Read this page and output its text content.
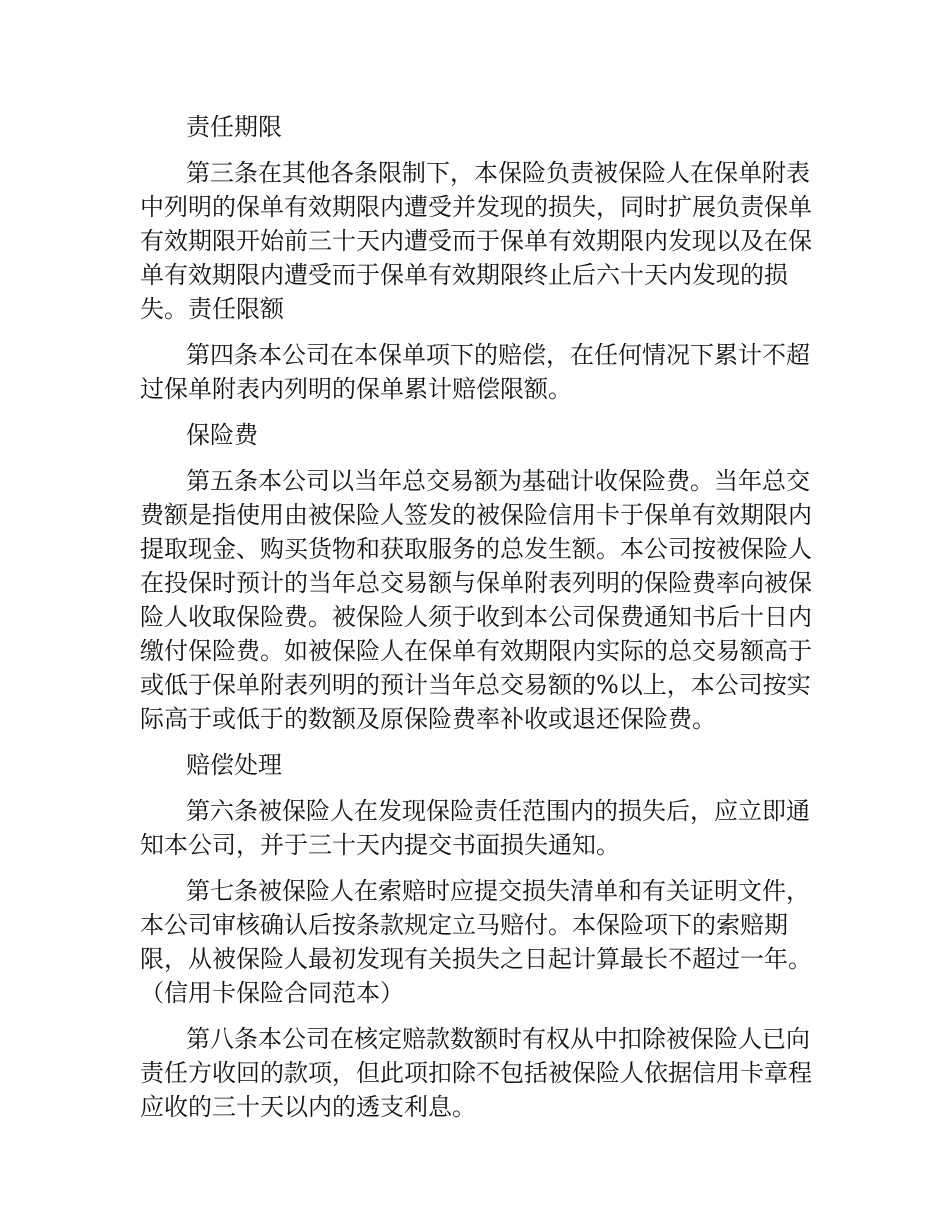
责任期限

第三条在其他各条限制下，本保险负责被保险人在保单附表中列明的保单有效期限内遭受并发现的损失，同时扩展负责保单有效期限开始前三十天内遭受而于保单有效期限内发现以及在保单有效期限内遭受而于保单有效期限终止后六十天内发现的损失。责任限额

第四条本公司在本保单项下的赔偿，在任何情况下累计不超过保单附表内列明的保单累计赔偿限额。

保险费

第五条本公司以当年总交易额为基础计收保险费。当年总交费额是指使用由被保险人签发的被保险信用卡于保单有效期限内提取现金、购买货物和获取服务的总发生额。本公司按被保险人在投保时预计的当年总交易额与保单附表列明的保险费率向被保险人收取保险费。被保险人须于收到本公司保费通知书后十日内缴付保险费。如被保险人在保单有效期限内实际的总交易额高于或低于保单附表列明的预计当年总交易额的%以上，本公司按实际高于或低于的数额及原保险费率补收或退还保险费。

赔偿处理

第六条被保险人在发现保险责任范围内的损失后，应立即通知本公司，并于三十天内提交书面损失通知。

第七条被保险人在索赔时应提交损失清单和有关证明文件，本公司审核确认后按条款规定立马赔付。本保险项下的索赔期限，从被保险人最初发现有关损失之日起计算最长不超过一年。（信用卡保险合同范本）

第八条本公司在核定赔款数额时有权从中扣除被保险人已向责任方收回的款项，但此项扣除不包括被保险人依据信用卡章程应收的三十天以内的透支利息。
